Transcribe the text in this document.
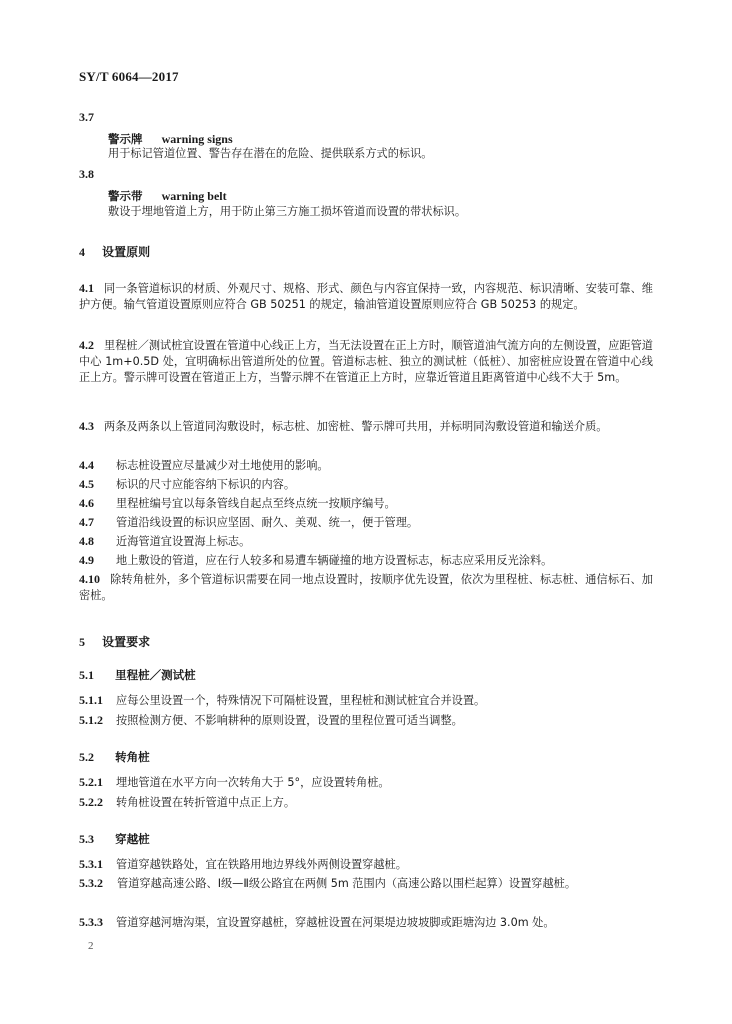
SY/T 6064—2017
3.7
警示牌 warning signs
用于标记管道位置、警告存在潜在的危险、提供联系方式的标识。
3.8
警示带 warning belt
敷设于埋地管道上方，用于防止第三方施工损坏管道而设置的带状标识。
4 设置原则
4.1 同一条管道标识的材质、外观尺寸、规格、形式、颜色与内容宜保持一致，内容规范、标识清晰、安装可靠、维护方便。输气管道设置原则应符合 GB 50251 的规定，输油管道设置原则应符合 GB 50253 的规定。
4.2 里程桩／测试桩宜设置在管道中心线正上方，当无法设置在正上方时，顺管道油气流方向的左侧设置，应距管道中心 1m+0.5D 处，宜明确标出管道所处的位置。管道标志桩、独立的测试桩（低桩）、加密桩应设置在管道中心线正上方。警示牌可设置在管道正上方，当警示牌不在管道正上方时，应靠近管道且距离管道中心线不大于 5m。
4.3 两条及两条以上管道同沟敷设时，标志桩、加密桩、警示牌可共用，并标明同沟敷设管道和输送介质。
4.4 标志桩设置应尽量减少对土地使用的影响。
4.5 标识的尺寸应能容纳下标识的内容。
4.6 里程桩编号宜以每条管线自起点至终点统一按顺序编号。
4.7 管道沿线设置的标识应坚固、耐久、美观、统一，便于管理。
4.8 近海管道宜设置海上标志。
4.9 地上敷设的管道，应在行人较多和易遭车辆碰撞的地方设置标志，标志应采用反光涂料。
4.10 除转角桩外，多个管道标识需要在同一地点设置时，按顺序优先设置，依次为里程桩、标志桩、通信标石、加密桩。
5 设置要求
5.1 里程桩／测试桩
5.1.1 应每公里设置一个，特殊情况下可隔桩设置，里程桩和测试桩宜合并设置。
5.1.2 按照检测方便、不影响耕种的原则设置，设置的里程位置可适当调整。
5.2 转角桩
5.2.1 埋地管道在水平方向一次转角大于 5°，应设置转角桩。
5.2.2 转角桩设置在转折管道中点正上方。
5.3 穿越桩
5.3.1 管道穿越铁路处，宜在铁路用地边界线外两侧设置穿越桩。
5.3.2 管道穿越高速公路、Ⅰ级—Ⅱ级公路宜在两侧 5m 范围内（高速公路以围栏起算）设置穿越桩。
5.3.3 管道穿越河塘沟渠，宜设置穿越桩，穿越桩设置在河渠堤边坡坡脚或距塘沟边 3.0m 处。
2
